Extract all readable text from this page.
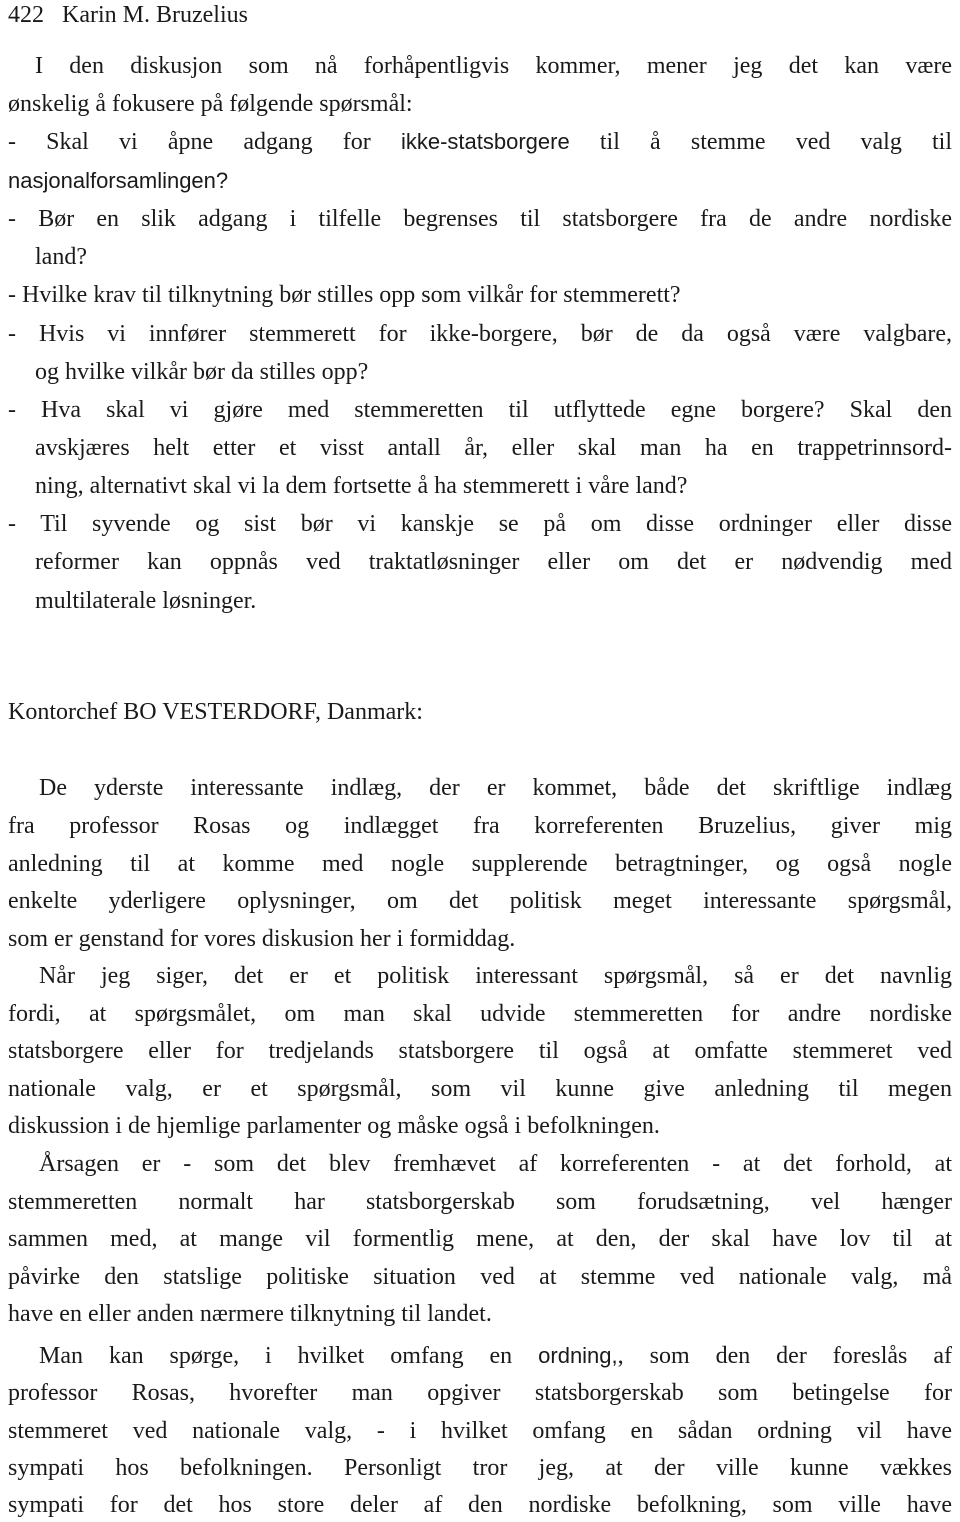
422 Karin M. Bruzelius
I den diskusjon som nå forhåpentligvis kommer, mener jeg det kan være
ønskelig å fokusere på følgende spørsmål:
- Skal vi åpne adgang for ikke-statsborgere til å stemme ved valg til
nasjonalforsamlingen?
- Bør en slik adgang i tilfelle begrenses til statsborgere fra de andre nordiske
land?
- Hvilke krav til tilknytning bør stilles opp som vilkår for stemmerett?
- Hvis vi innfører stemmerett for ikke-borgere, bør de da også være valgbare,
og hvilke vilkår bør da stilles opp?
- Hva skal vi gjøre med stemmeretten til utflyttede egne borgere? Skal den
avskjæres helt etter et visst antall år, eller skal man ha en trappetrinnsord-
ning, alternativt skal vi la dem fortsette å ha stemmerett i våre land?
- Til syvende og sist bør vi kanskje se på om disse ordninger eller disse
reformer kan oppnås ved traktatløsninger eller om det er nødvendig med
multilaterale løsninger.
Kontorchef BO VESTERDORF, Danmark:
De yderste interessante indlæg, der er kommet, både det skriftlige indlæg
fra professor Rosas og indlægget fra korreferenten Bruzelius, giver mig
anledning til at komme med nogle supplerende betragtninger, og også nogle
enkelte yderligere oplysninger, om det politisk meget interessante spørgsmål,
som er genstand for vores diskusion her i formiddag.
Når jeg siger, det er et politisk interessant spørgsmål, så er det navnlig
fordi, at spørgsmålet, om man skal udvide stemmeretten for andre nordiske
statsborgere eller for tredjelands statsborgere til også at omfatte stemmeret ved
nationale valg, er et spørgsmål, som vil kunne give anledning til megen
diskussion i de hjemlige parlamenter og måske også i befolkningen.
Årsagen er - som det blev fremhævet af korreferenten - at det forhold, at
stemmeretten normalt har statsborgerskab som forudsætning, vel hænger
sammen med, at mange vil formentlig mene, at den, der skal have lov til at
påvirke den statslige politiske situation ved at stemme ved nationale valg, må
have en eller anden nærmere tilknytning til landet.
Man kan spørge, i hvilket omfang en ordning,, som den der foreslås af
professor Rosas, hvorefter man opgiver statsborgerskab som betingelse for
stemmeret ved nationale valg, - i hvilket omfang en sådan ordning vil have
sympati hos befolkningen. Personligt tror jeg, at der ville kunne vækkes
sympati for det hos store deler af den nordiske befolkning, som ville have
